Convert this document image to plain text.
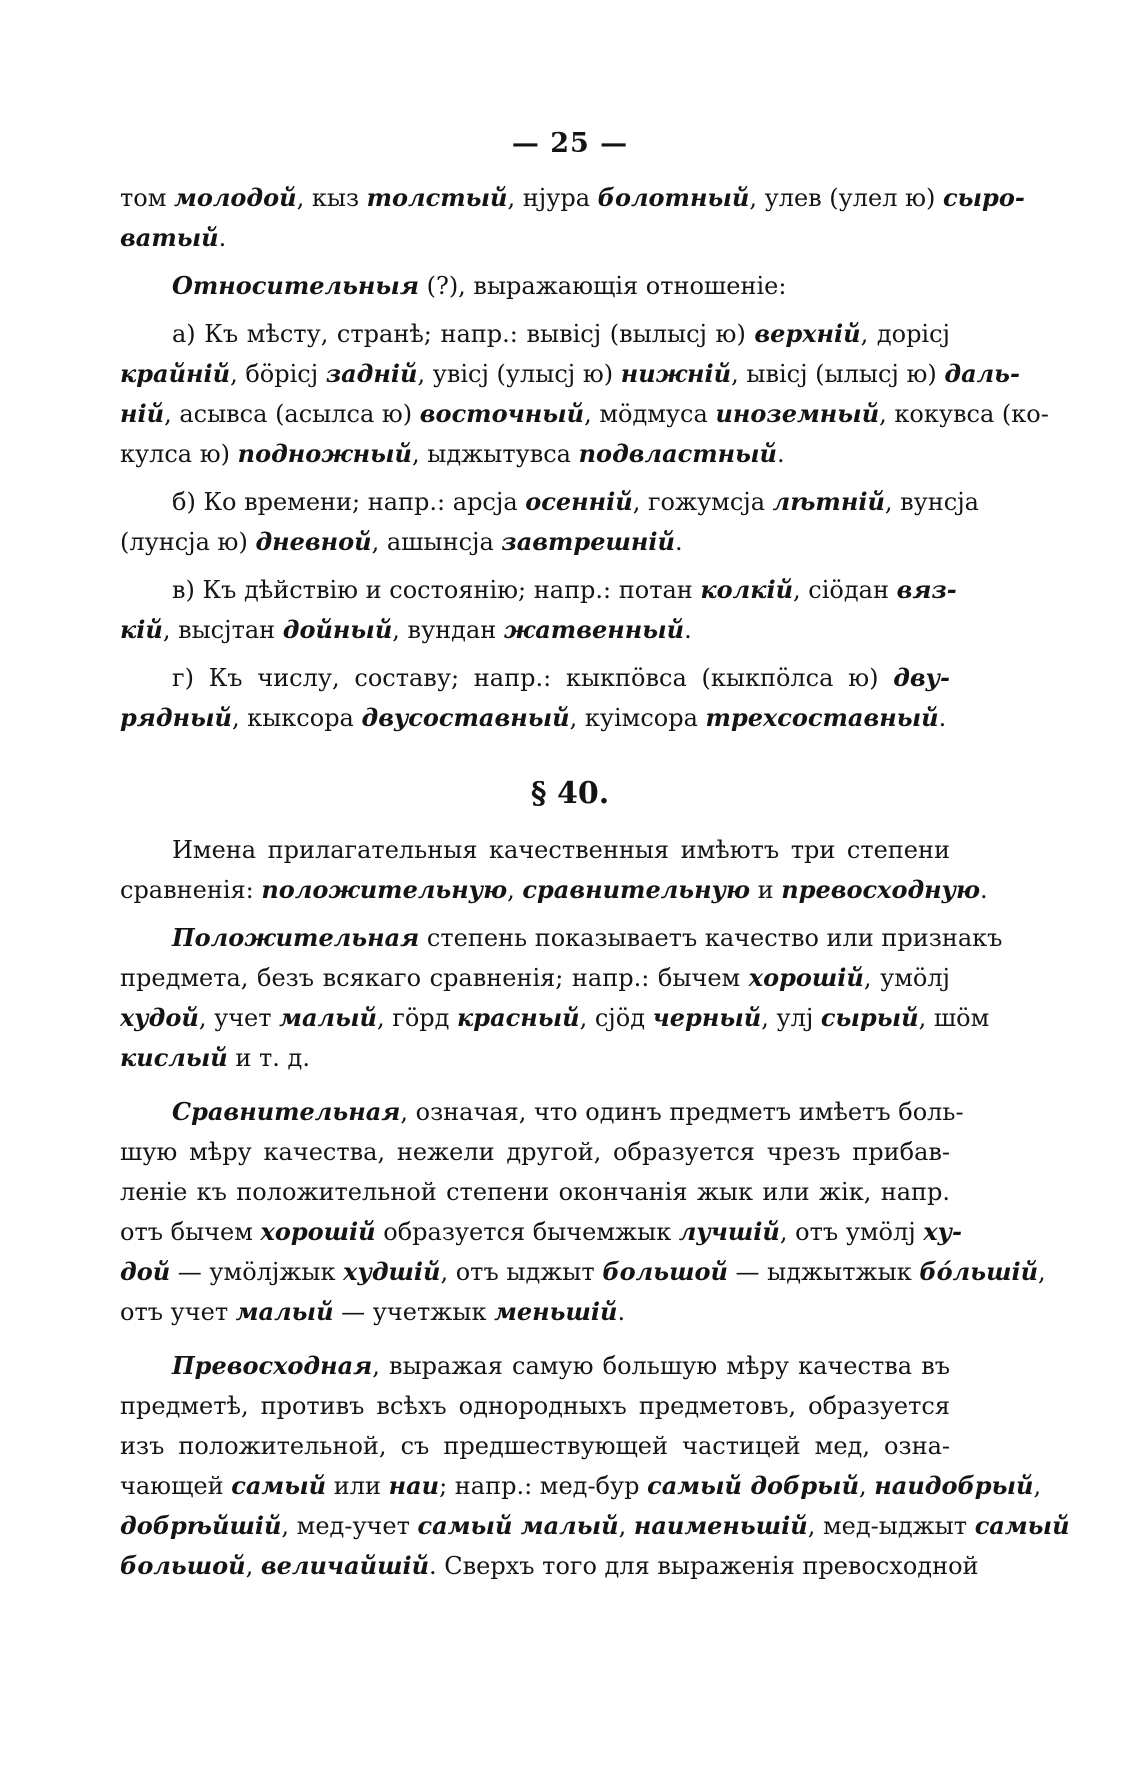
— 25 —

том молодой, кыз толстый, нјура болотный, улев (улел ю) сыро-
ватый.

Относительныя (?), выражающія отношеніе:

а) Къ мѣсту, странѣ; напр.: вывісј (вылысј ю) верхній, дорісј
крайній, бöрісј задній, увісј (улысј ю) нижній, ывісј (ылысј ю) даль-
ній, асывса (асылса ю) восточный, мöдмуса иноземный, кокувса (ко-
кулса ю) подножный, ыджытувса подвластный.

б) Ко времени; напр.: арсја осенній, гожумсја лѣтній, вунсја
(лунсја ю) дневной, ашынсја завтрешній.

в) Къ дѣйствію и состоянію; напр.: потан колкій, сіöдан вяз-
кій, высјтан дойный, вундан жатвенный.

г) Къ числу, составу; напр.: кыкпöвса (кыкпöлса ю) дву-
рядный, кыксора двусоставный, куімсора трехсоставный.

§ 40.

Имена прилагательныя качественныя имѣютъ три степени
сравненія: положительную, сравнительную и превосходную.

Положительная степень показываетъ качество или признакъ
предмета, безъ всякаго сравненія; напр.: бычем хорошій, умöлј
худой, учет малый, гöрд красный, сјöд черный, улј сырый, шöм
кислый и т. д.

Сравнительная, означая, что одинъ предметъ имѣетъ боль-
шую мѣру качества, нежели другой, образуется чрезъ прибав-
леніе къ положительной степени окончанія жык или жік, напр.
отъ бычем хорошій образуется бычемжык лучшій, отъ умöлј ху-
дой — умöлјжык худшій, отъ ыджыт большой — ыджытжык бóльшій,
отъ учет малый — учетжык меньшій.

Превосходная, выражая самую большую мѣру качества въ
предметѣ, противъ всѣхъ однородныхъ предметовъ, образуется
изъ положительной, съ предшествующей частицей мед, озна-
чающей самый или наи; напр.: мед-бур самый добрый, наидобрый,
добрѣйшій, мед-учет самый малый, наименьшій, мед-ыджыт самый
большой, величайшій. Сверхъ того для выраженія превосходной
